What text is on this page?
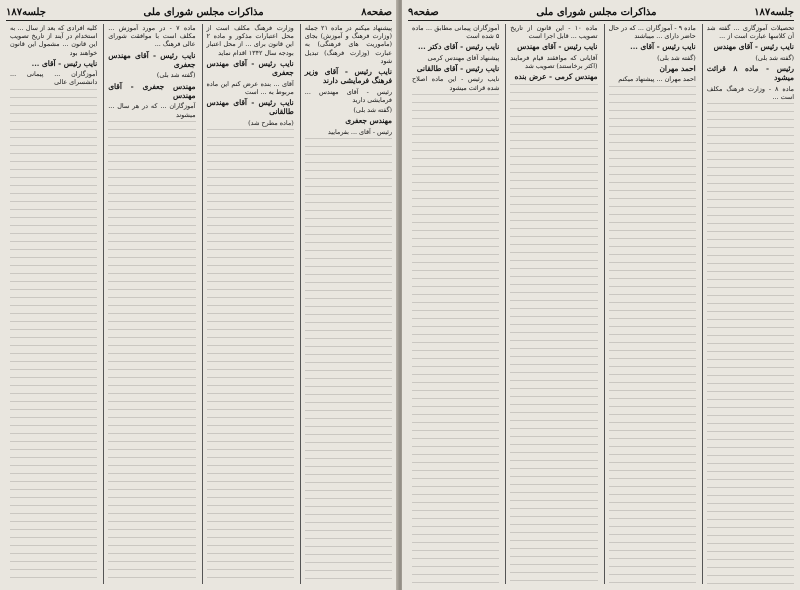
صفحه۸
مذاکرات مجلس شورای ملی
جلسه۱۸۷

پیشنهاد میکنم در ماده ۲۱ جمله (وزارت فرهنگ و آموزش) بجای (ماموریت های فرهنگی) به عبارت (وزارت فرهنگ) تبدیل شود

نایب رئیس - آقای وزیر فرهنگ فرمایشی دارند

رئیس - آقای مهندس ... فرمایشی دارید

(گفته شد بلی)

مهندس جعفری

رئیس - آقای ... بفرمایید

وزارت فرهنگ مکلف است از محل اعتبارات مذکور و ماده ۲ این قانون برای ... از محل اعتبار بودجه سال ۱۳۴۲ اقدام نماید

نایب رئیس - آقای مهندس جعفری

آقای ... بنده عرض کنم این ماده مربوط به ... است

نایب رئیس - آقای مهندس طالقانی

(ماده مطرح شد)

ماده ۷ - در مورد آموزش ... مکلف است با موافقت شورای عالی فرهنگ ...

نایب رئیس - آقای مهندس جعفری

(گفته شد بلی)

مهندس جعفری - آقای مهندس

آموزگاران ... که در هر سال ... میشوند

کلیه افرادی که بعد از سال ... به استخدام در آیند از تاریخ تصویب این قانون ... مشمول این قانون خواهند بود

نایب رئیس - آقای ...

آموزگاران ... پیمانی ... دانشسرای عالی

جلسه۱۸۷
مذاکرات مجلس شورای ملی
صفحه۹

تحصیلات آموزگاری ... گفته شد آن کلاسها عبارت است از ...

نایب رئیس - آقای مهندس

(گفته شد بلی)

رئیس - ماده ۸ قرائت میشود

ماده ۸ - وزارت فرهنگ مکلف است ...

ماده ۹ - آموزگاران ... که در حال حاضر دارای ... میباشند

نایب رئیس - آقای ...

(گفته شد بلی)

احمد مهران

احمد مهران ... پیشنهاد میکنم

ماده ۱۰ - این قانون از تاریخ تصویب ... قابل اجرا است

نایب رئیس - آقای مهندس

آقایانی که موافقند قیام فرمایند (اکثر برخاستند) تصویب شد

مهندس کرمی - عرض بنده

آموزگاران پیمانی مطابق ... ماده ۵ شده است

نایب رئیس - آقای دکتر ...

پیشنهاد آقای مهندس کرمی

نایب رئیس - آقای طالقانی

نایب رئیس - این ماده اصلاح شده قرائت میشود
